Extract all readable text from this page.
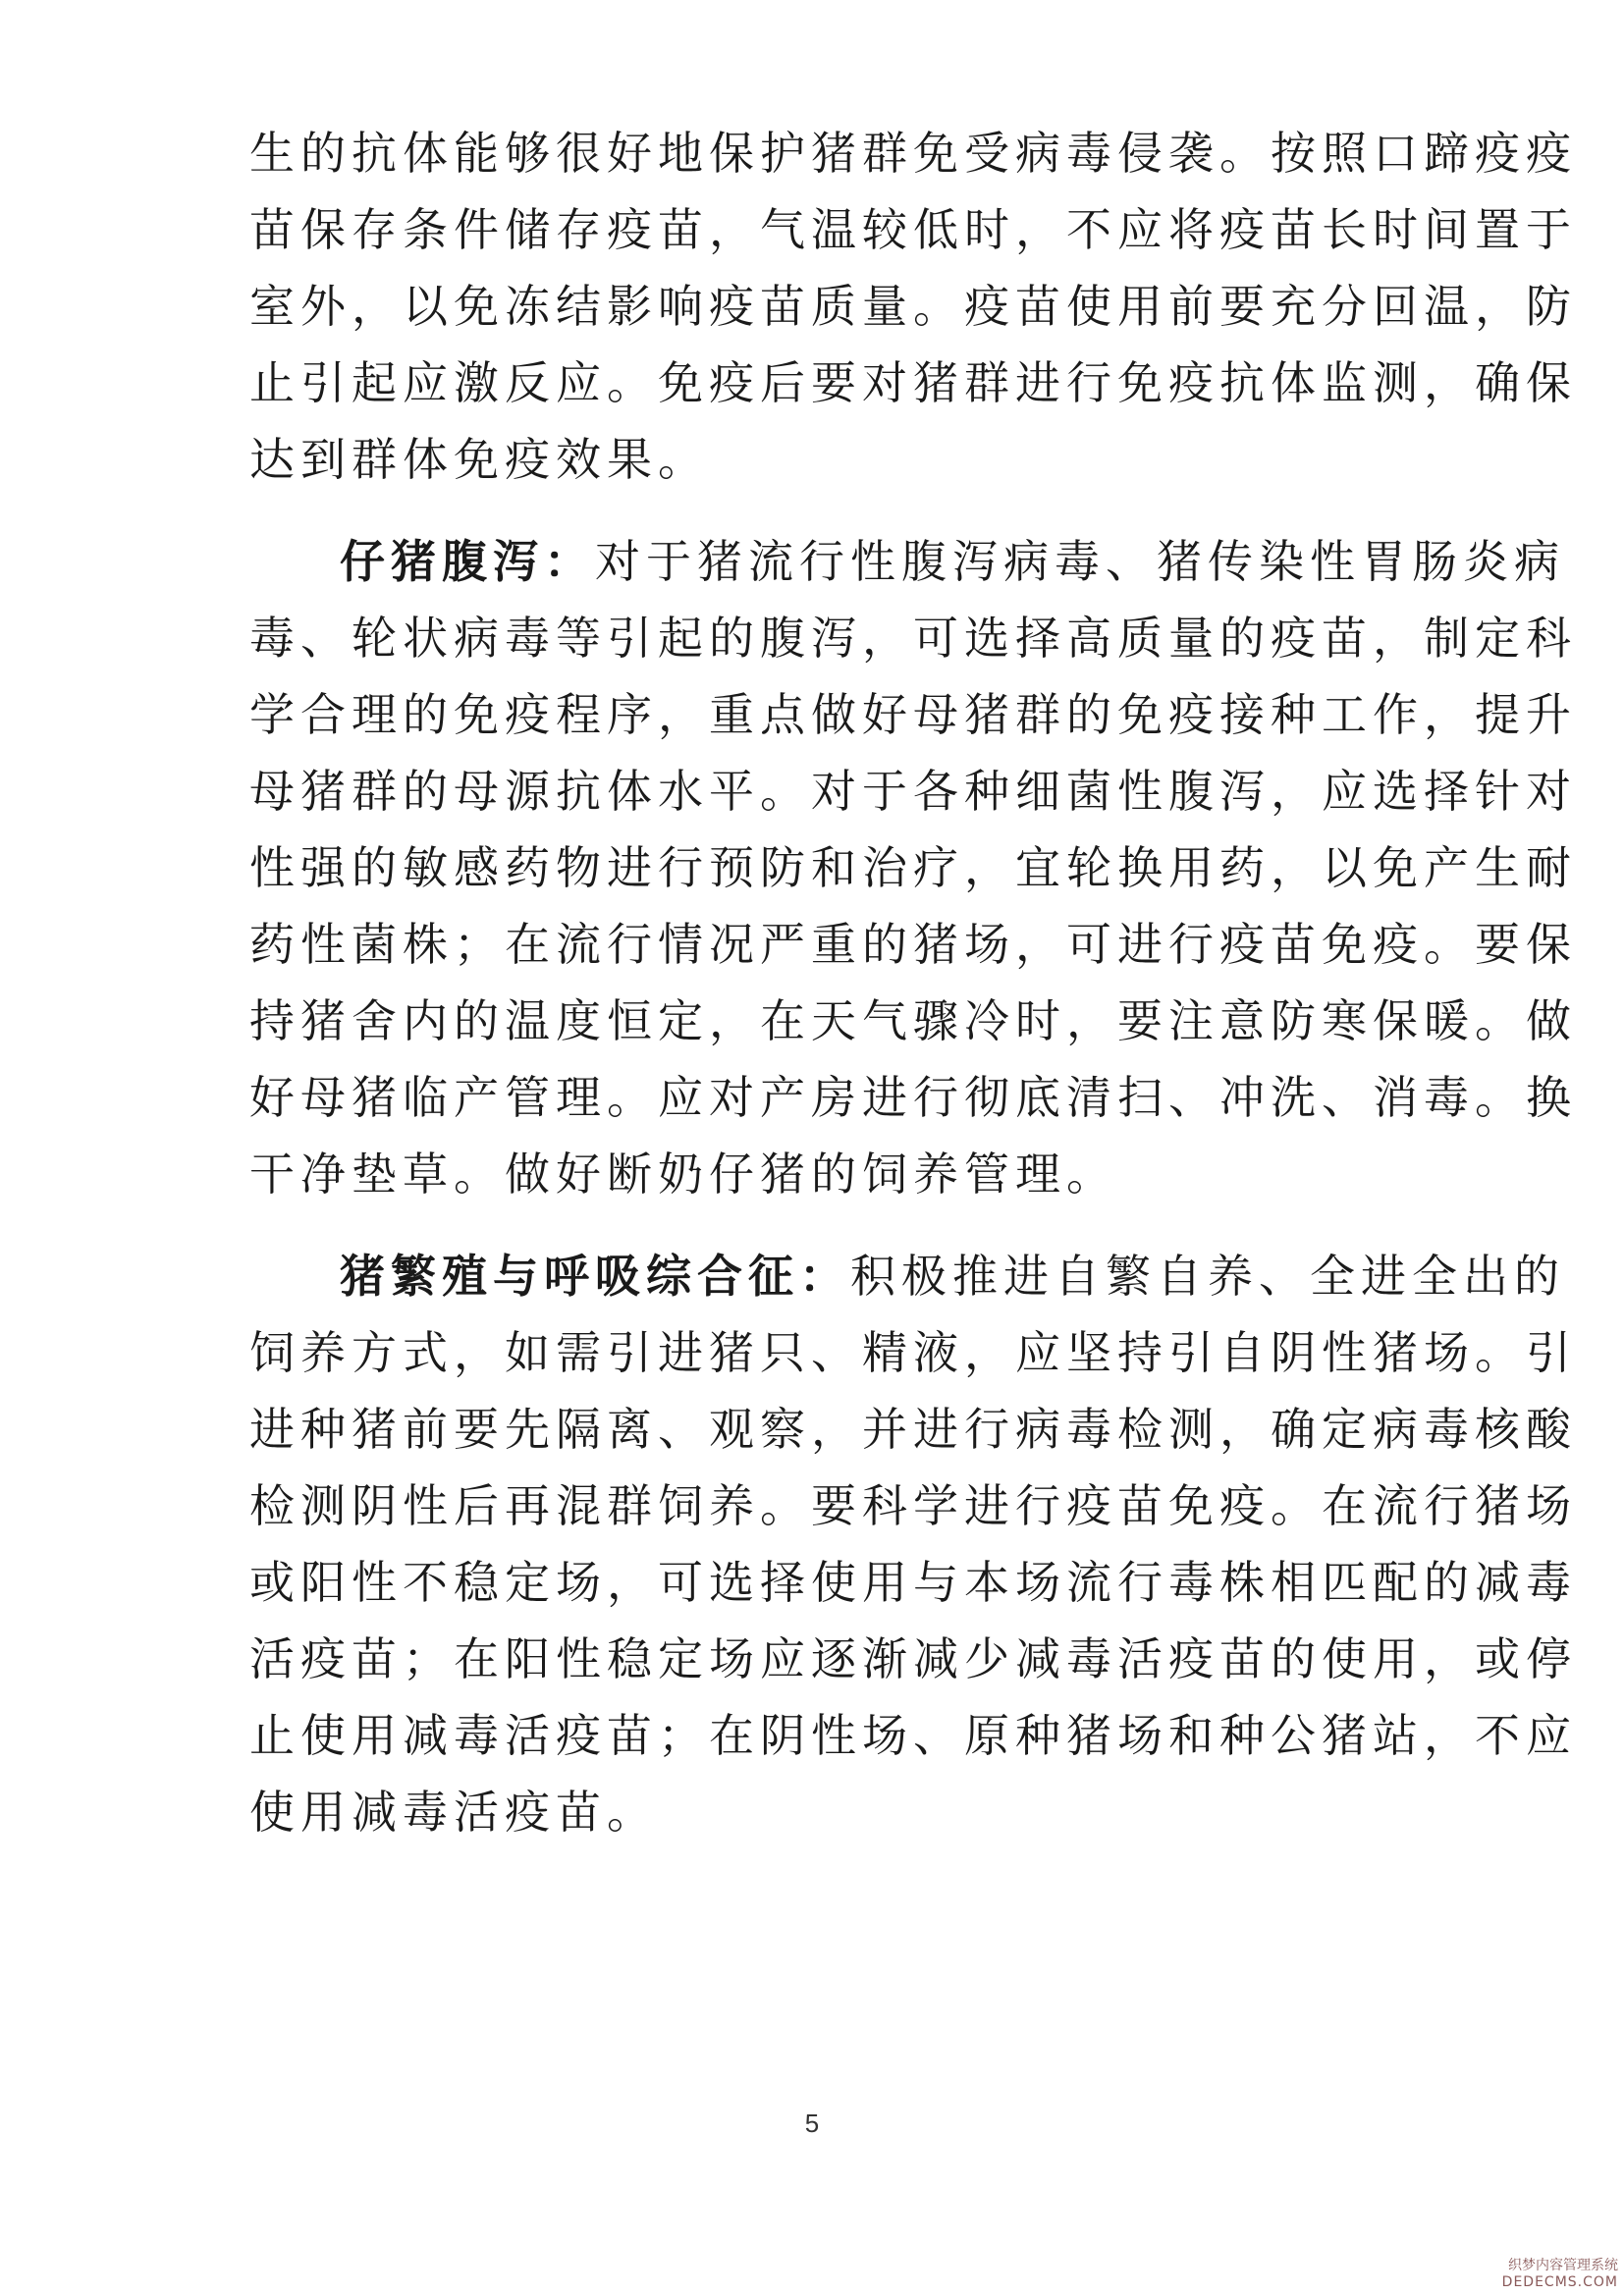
生的抗体能够很好地保护猪群免受病毒侵袭。按照口蹄疫疫
苗保存条件储存疫苗，气温较低时，不应将疫苗长时间置于
室外，以免冻结影响疫苗质量。疫苗使用前要充分回温，防
止引起应激反应。免疫后要对猪群进行免疫抗体监测，确保
达到群体免疫效果。
仔猪腹泻：对于猪流行性腹泻病毒、猪传染性胃肠炎病
毒、轮状病毒等引起的腹泻，可选择高质量的疫苗，制定科
学合理的免疫程序，重点做好母猪群的免疫接种工作，提升
母猪群的母源抗体水平。对于各种细菌性腹泻，应选择针对
性强的敏感药物进行预防和治疗，宜轮换用药，以免产生耐
药性菌株；在流行情况严重的猪场，可进行疫苗免疫。要保
持猪舍内的温度恒定，在天气骤冷时，要注意防寒保暖。做
好母猪临产管理。应对产房进行彻底清扫、冲洗、消毒。换
干净垫草。做好断奶仔猪的饲养管理。
猪繁殖与呼吸综合征：积极推进自繁自养、全进全出的
饲养方式，如需引进猪只、精液，应坚持引自阴性猪场。引
进种猪前要先隔离、观察，并进行病毒检测，确定病毒核酸
检测阴性后再混群饲养。要科学进行疫苗免疫。在流行猪场
或阳性不稳定场，可选择使用与本场流行毒株相匹配的减毒
活疫苗；在阳性稳定场应逐渐减少减毒活疫苗的使用，或停
止使用减毒活疫苗；在阴性场、原种猪场和种公猪站，不应
使用减毒活疫苗。
5
织梦内容管理系统
DEDECMS.COM
